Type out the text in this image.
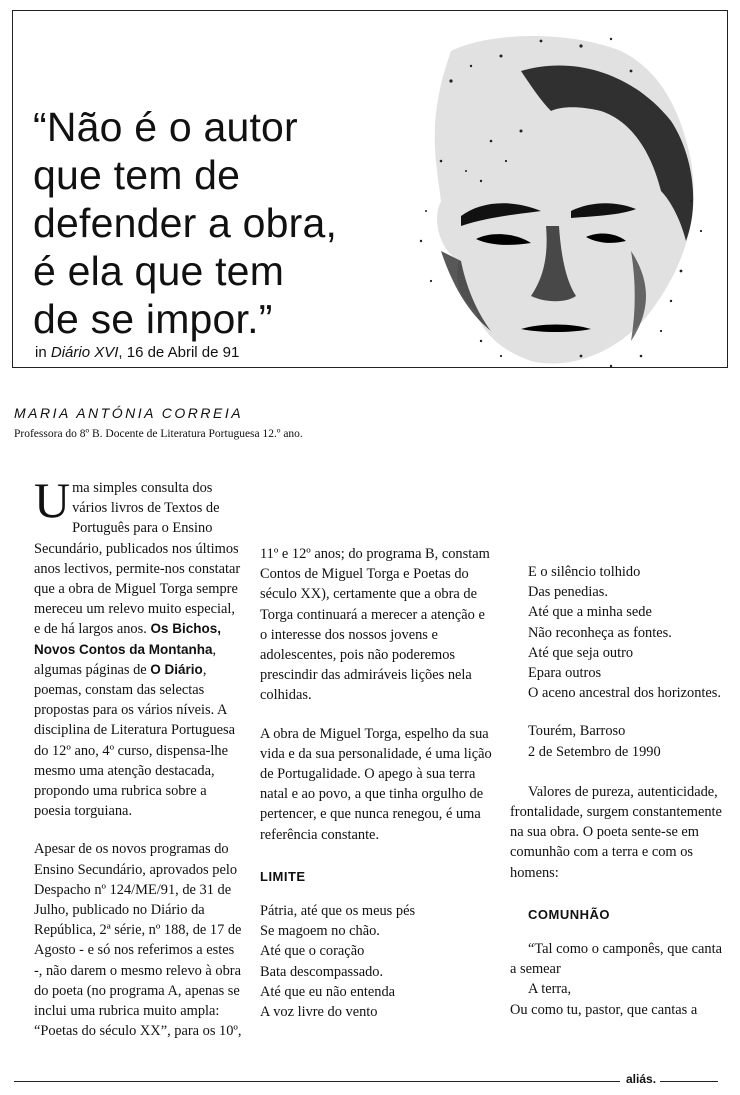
“Não é o autor
que tem de
defender a obra,
é ela que tem
de se impor.”
in Diário XVI, 16 de Abril de 91
MARIA ANTÓNIA CORREIA
Professora do 8º B. Docente de Literatura Portuguesa 12.º ano.

Uma simples consulta dos vários livros de Textos de Português para o Ensino Secundário, publicados nos últimos anos lectivos, permite-nos constatar que a obra de Miguel Torga sempre mereceu um relevo muito especial, e de há largos anos. Os Bichos, Novos Contos da Montanha, algumas páginas de O Diário, poemas, constam das selectas propostas para os vários níveis. A disciplina de Literatura Portuguesa do 12º ano, 4º curso, dispensa-lhe mesmo uma atenção destacada, propondo uma rubrica sobre a poesia torguiana.

Apesar de os novos programas do Ensino Secundário, aprovados pelo Despacho nº 124/ME/91, de 31 de Julho, publicado no Diário da República, 2ª série, nº 188, de 17 de Agosto - e só nos referimos a estes -, não darem o mesmo relevo à obra do poeta (no programa A, apenas se inclui uma rubrica muito ampla: “Poetas do século XX”, para os 10º,

11º e 12º anos; do programa B, constam Contos de Miguel Torga e Poetas do século XX), certamente que a obra de Torga continuará a merecer a atenção e o interesse dos nossos jovens e adolescentes, pois não poderemos prescindir das admiráveis lições nela colhidas.

A obra de Miguel Torga, espelho da sua vida e da sua personalidade, é uma lição de Portugalidade. O apego à sua terra natal e ao povo, a que tinha orgulho de pertencer, e que nunca renegou, é uma referência constante.

LIMITE
Pátria, até que os meus pés
Se magoem no chão.
Até que o coração
Bata descompassado.
Até que eu não entenda
A voz livre do vento
E o silêncio tolhido
Das penedias.
Até que a minha sede
Não reconheça as fontes.
Até que seja outro
Epara outros
O aceno ancestral dos horizontes.
Tourém, Barroso
2 de Setembro de 1990

Valores de pureza, autenticidade, frontalidade, surgem constantemente na sua obra. O poeta sente-se em comunhão com a terra e com os homens:

COMUNHÃO
“Tal como o camponês, que canta a semear
A terra,
Ou como tu, pastor, que cantas a
aliás.
